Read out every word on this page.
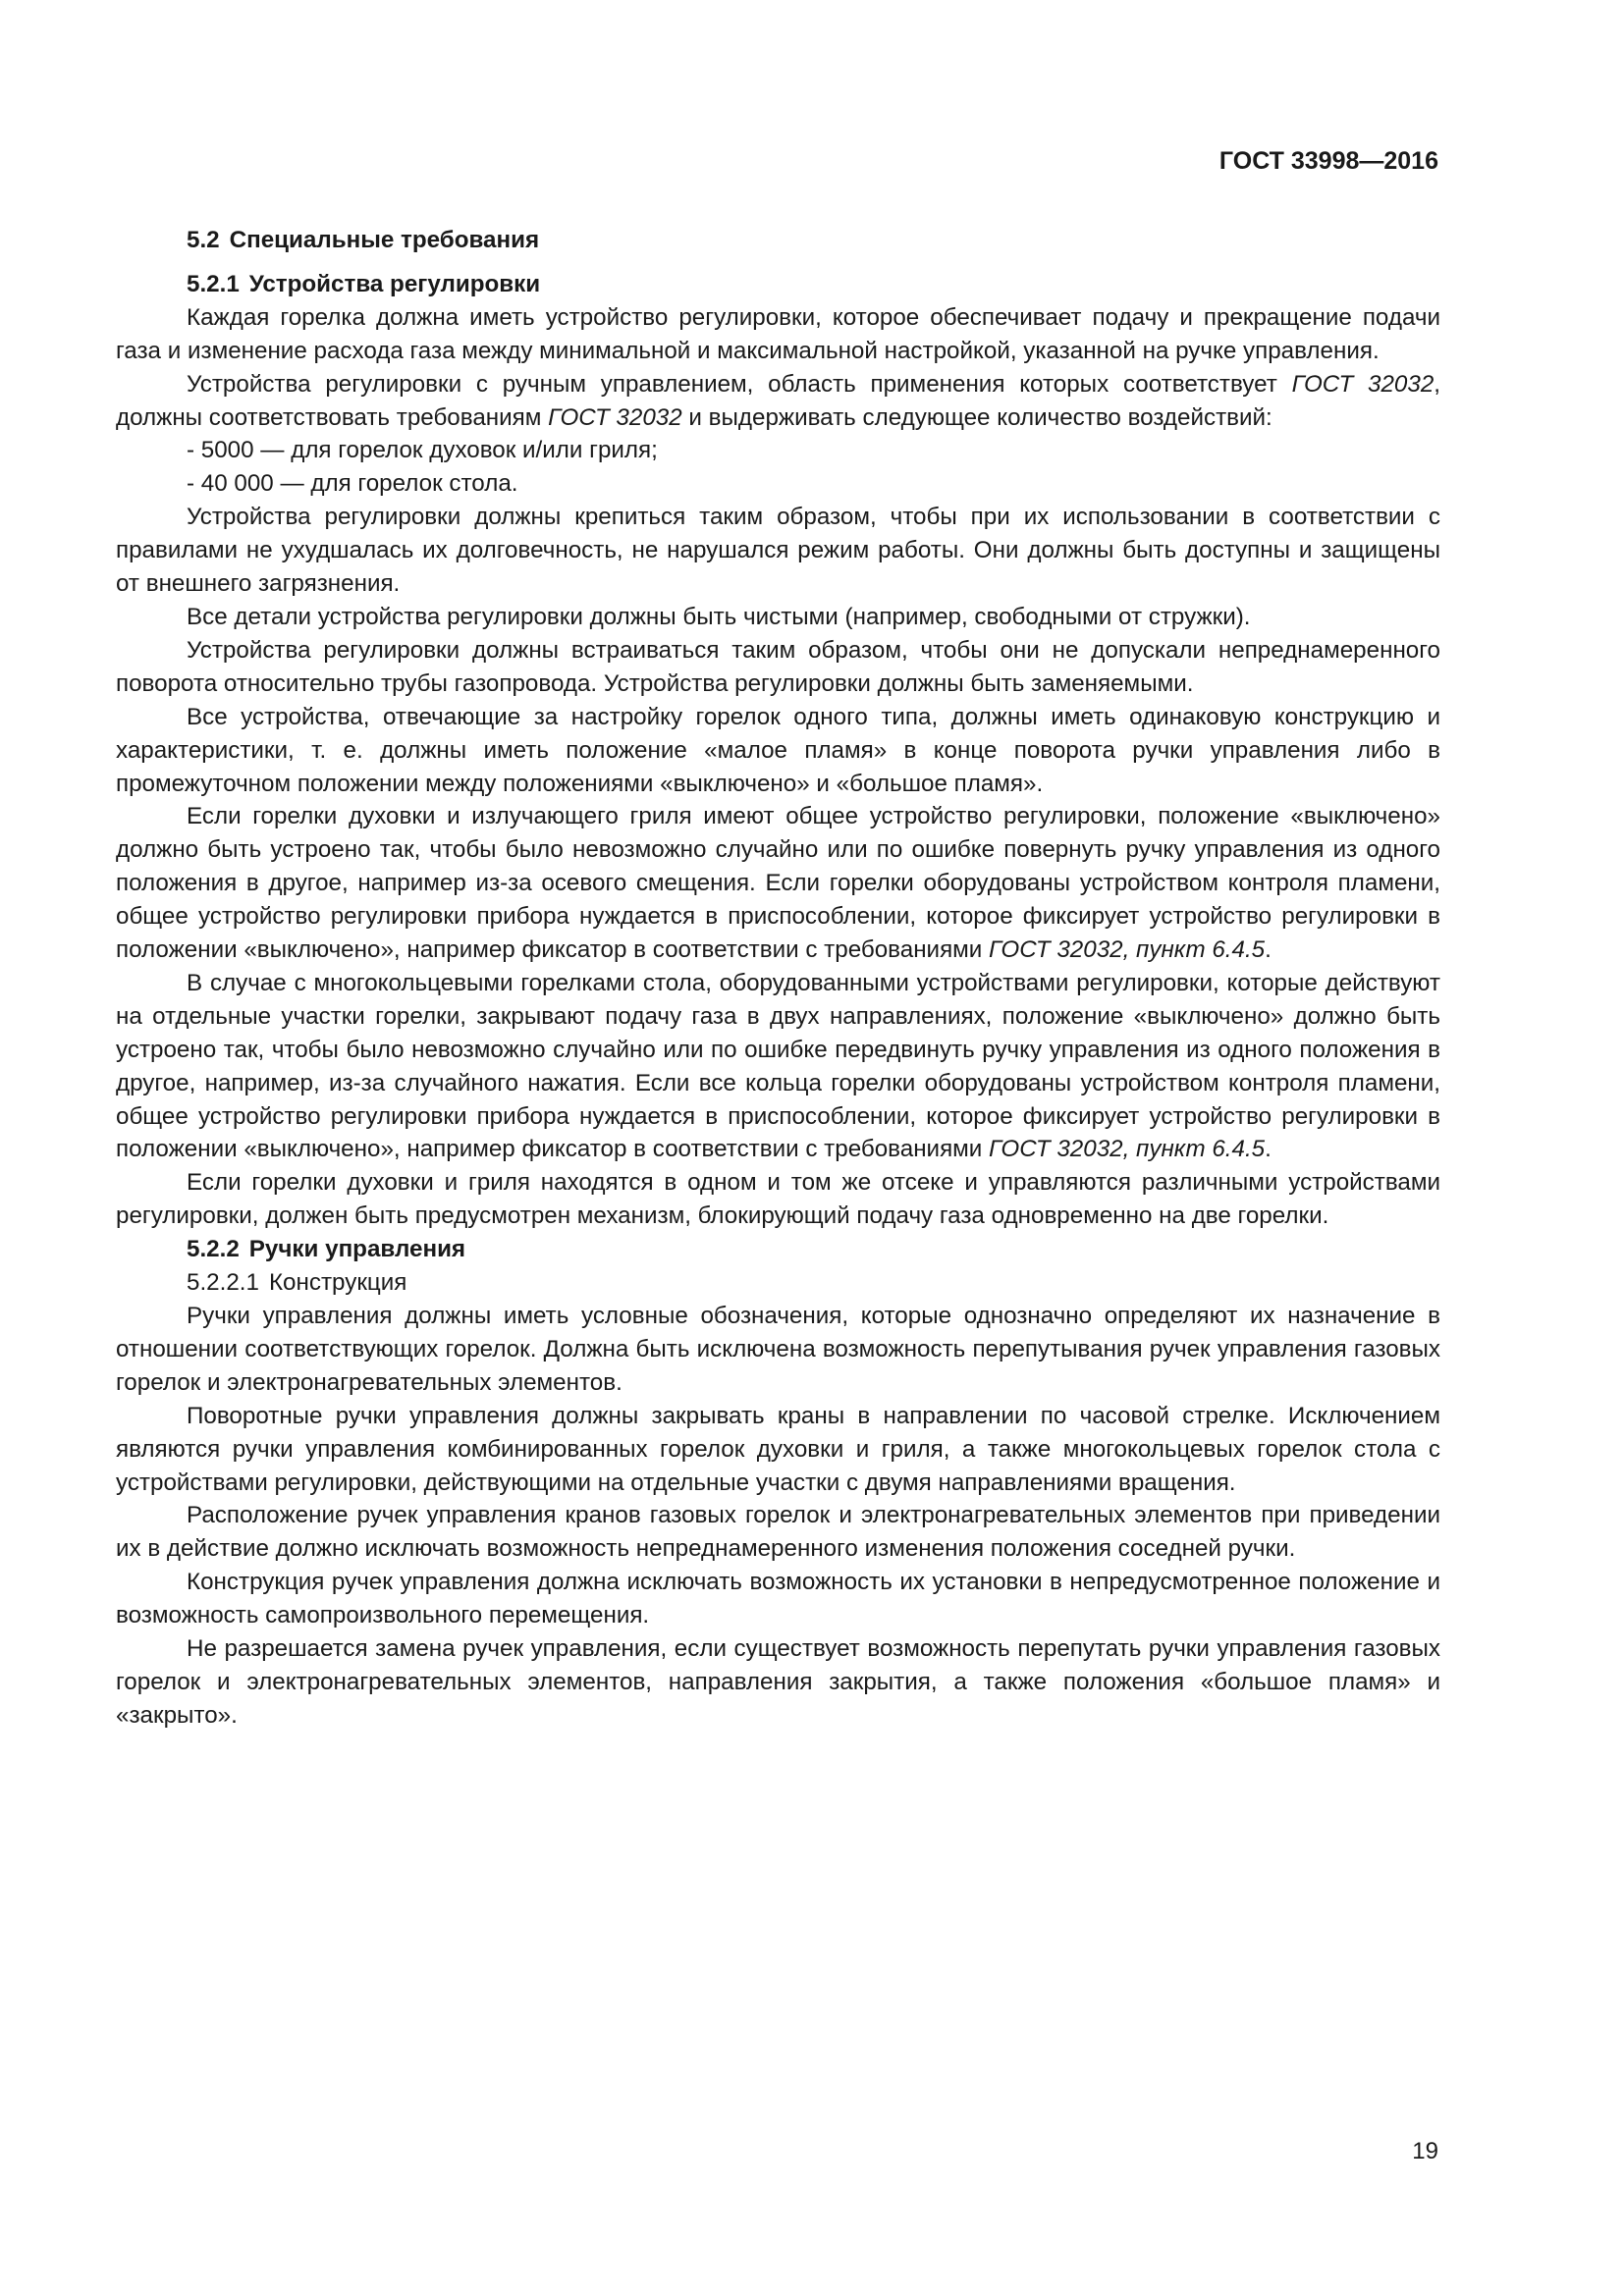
ГОСТ 33998—2016
5.2 Специальные требования
5.2.1 Устройства регулировки

Каждая горелка должна иметь устройство регулировки, которое обеспечивает подачу и прекращение подачи газа и изменение расхода газа между минимальной и максимальной настройкой, указанной на ручке управления.

Устройства регулировки с ручным управлением, область применения которых соответствует ГОСТ 32032, должны соответствовать требованиям ГОСТ 32032 и выдерживать следующее количество воздействий:

- 5000 — для горелок духовок и/или гриля;

- 40 000 — для горелок стола.

Устройства регулировки должны крепиться таким образом, чтобы при их использовании в соответствии с правилами не ухудшалась их долговечность, не нарушался режим работы. Они должны быть доступны и защищены от внешнего загрязнения.

Все детали устройства регулировки должны быть чистыми (например, свободными от стружки).

Устройства регулировки должны встраиваться таким образом, чтобы они не допускали непреднамеренного поворота относительно трубы газопровода. Устройства регулировки должны быть заменяемыми.

Все устройства, отвечающие за настройку горелок одного типа, должны иметь одинаковую конструкцию и характеристики, т. е. должны иметь положение «малое пламя» в конце поворота ручки управления либо в промежуточном положении между положениями «выключено» и «большое пламя».

Если горелки духовки и излучающего гриля имеют общее устройство регулировки, положение «выключено» должно быть устроено так, чтобы было невозможно случайно или по ошибке повернуть ручку управления из одного положения в другое, например из-за осевого смещения. Если горелки оборудованы устройством контроля пламени, общее устройство регулировки прибора нуждается в приспособлении, которое фиксирует устройство регулировки в положении «выключено», например фиксатор в соответствии с требованиями ГОСТ 32032, пункт 6.4.5.

В случае с многокольцевыми горелками стола, оборудованными устройствами регулировки, которые действуют на отдельные участки горелки, закрывают подачу газа в двух направлениях, положение «выключено» должно быть устроено так, чтобы было невозможно случайно или по ошибке передвинуть ручку управления из одного положения в другое, например, из-за случайного нажатия. Если все кольца горелки оборудованы устройством контроля пламени, общее устройство регулировки прибора нуждается в приспособлении, которое фиксирует устройство регулировки в положении «выключено», например фиксатор в соответствии с требованиями ГОСТ 32032, пункт 6.4.5.

Если горелки духовки и гриля находятся в одном и том же отсеке и управляются различными устройствами регулировки, должен быть предусмотрен механизм, блокирующий подачу газа одновременно на две горелки.

5.2.2 Ручки управления
5.2.2.1 Конструкция

Ручки управления должны иметь условные обозначения, которые однозначно определяют их назначение в отношении соответствующих горелок. Должна быть исключена возможность перепутывания ручек управления газовых горелок и электронагревательных элементов.

Поворотные ручки управления должны закрывать краны в направлении по часовой стрелке. Исключением являются ручки управления комбинированных горелок духовки и гриля, а также многокольцевых горелок стола с устройствами регулировки, действующими на отдельные участки с двумя направлениями вращения.

Расположение ручек управления кранов газовых горелок и электронагревательных элементов при приведении их в действие должно исключать возможность непреднамеренного изменения положения соседней ручки.

Конструкция ручек управления должна исключать возможность их установки в непредусмотренное положение и возможность самопроизвольного перемещения.

Не разрешается замена ручек управления, если существует возможность перепутать ручки управления газовых горелок и электронагревательных элементов, направления закрытия, а также положения «большое пламя» и «закрыто».

19
